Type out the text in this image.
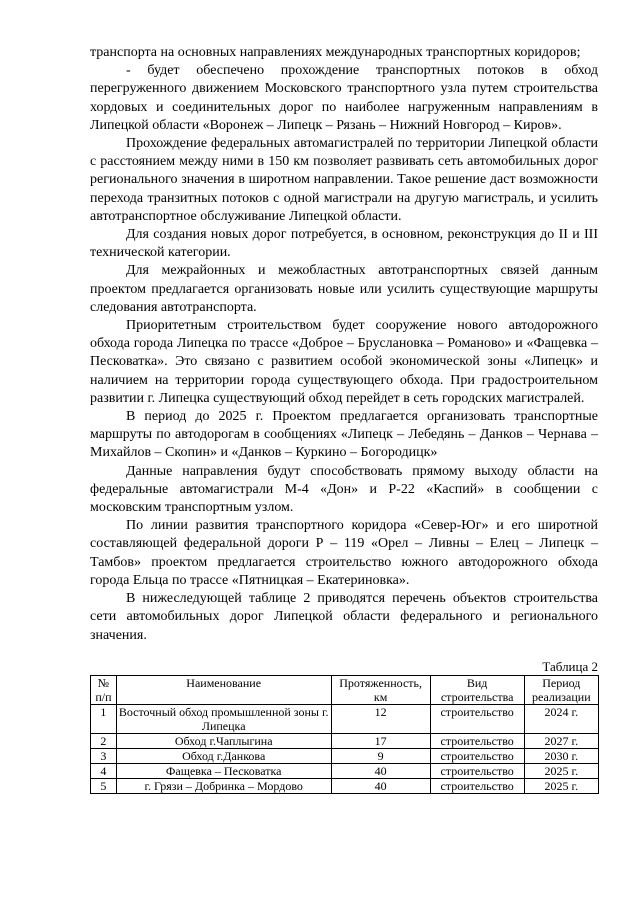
транспорта на основных направлениях международных транспортных коридоров;

- будет обеспечено прохождение транспортных потоков в обход перегруженного движением Московского транспортного узла путем строительства хордовых и соединительных дорог по наиболее нагруженным направлениям в Липецкой области «Воронеж – Липецк – Рязань – Нижний Новгород – Киров».

Прохождение федеральных автомагистралей по территории Липецкой области с расстоянием между ними в 150 км позволяет развивать сеть автомобильных дорог регионального значения в широтном направлении. Такое решение даст возможности перехода транзитных потоков с одной магистрали на другую магистраль, и усилить автотранспортное обслуживание Липецкой области.

Для создания новых дорог потребуется, в основном, реконструкция до II и III технической категории.

Для межрайонных и межобластных автотранспортных связей данным проектом предлагается организовать новые или усилить существующие маршруты следования автотранспорта.

Приоритетным строительством будет сооружение нового автодорожного обхода города Липецка по трассе «Доброе – Бруслановка – Романово» и «Фащевка – Песковатка». Это связано с развитием особой экономической зоны «Липецк» и наличием на территории города существующего обхода. При градостроительном развитии г. Липецка существующий обход перейдет в сеть городских магистралей.

В период до 2025 г. Проектом предлагается организовать транспортные маршруты по автодорогам в сообщениях «Липецк – Лебедянь – Данков – Чернава – Михайлов – Скопин» и «Данков – Куркино – Богородицк»

Данные направления будут способствовать прямому выходу области на федеральные автомагистрали М-4 «Дон» и Р-22 «Каспий» в сообщении с московским транспортным узлом.

По линии развития транспортного коридора «Север-Юг» и его широтной составляющей федеральной дороги Р – 119 «Орел – Ливны – Елец – Липецк – Тамбов» проектом предлагается строительство южного автодорожного обхода города Ельца по трассе «Пятницкая – Екатериновка».

В нижеследующей таблице 2 приводятся перечень объектов строительства сети автомобильных дорог Липецкой области федерального и регионального значения.

Таблица 2
№ п/п	Наименование	Протяженность, км	Вид строительства	Период реализации
1	Восточный обход промышленной зоны г. Липецка	12	строительство	2024 г.
2	Обход г.Чаплыгина	17	строительство	2027 г.
3	Обход г.Данкова	9	строительство	2030 г.
4	Фащевка – Песковатка	40	строительство	2025 г.
5	г. Грязи – Добринка – Мордово	40	строительство	2025 г.
